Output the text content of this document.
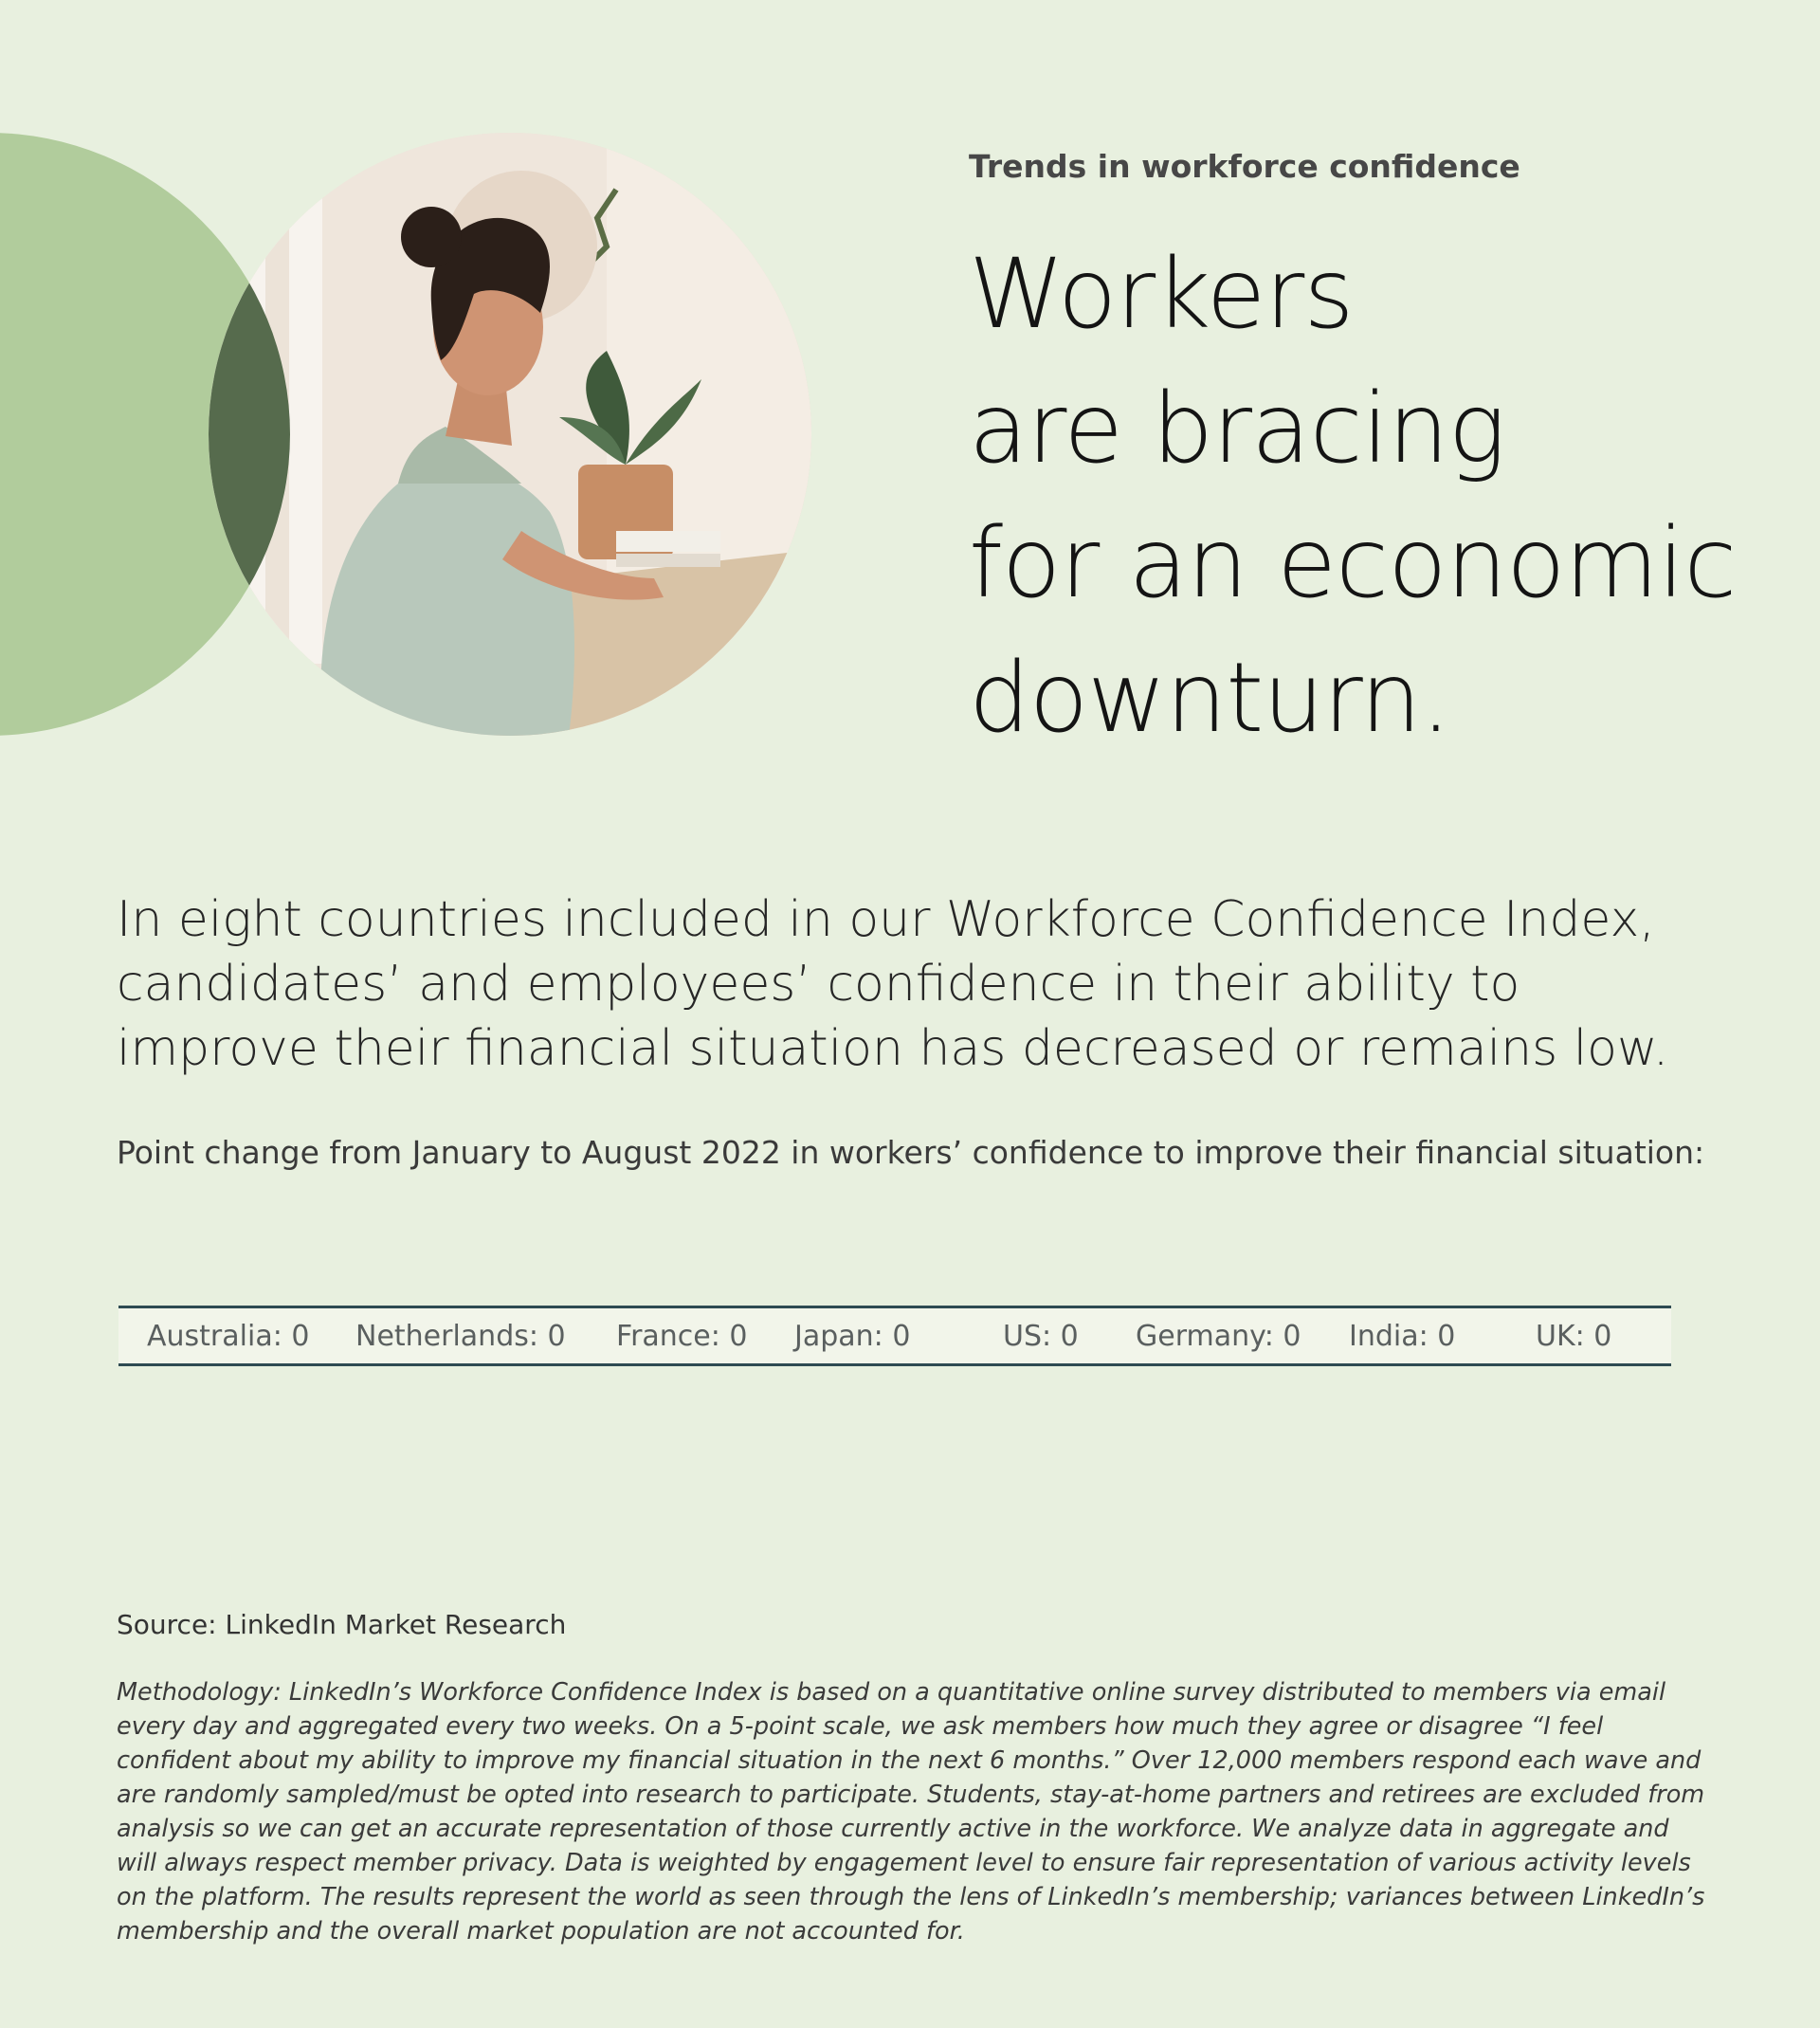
Trends in workforce confidence
Workers
are bracing
for an economic
downturn.

In eight countries included in our Workforce Confidence Index, candidates’ and employees’ confidence in their ability to improve their financial situation has decreased or remains low.

Point change from January to August 2022 in workers’ confidence to improve their financial situation:
Australia: 0 Netherlands: 0 France: 0 Japan: 0	US: 0 Germany: 0 India: 0	UK: 0
Source: LinkedIn Market Research

Methodology: LinkedIn’s Workforce Confidence Index is based on a quantitative online survey distributed to members via email every day and aggregated every two weeks. On a 5-point scale, we ask members how much they agree or disagree “I feel confident about my ability to improve my financial situation in the next 6 months.” Over 12,000 members respond each wave and are randomly sampled/must be opted into research to participate. Students, stay-at-home partners and retirees are excluded from analysis so we can get an accurate representation of those currently active in the workforce. We analyze data in aggregate and will always respect member privacy. Data is weighted by engagement level to ensure fair representation of various activity levels on the platform. The results represent the world as seen through the lens of LinkedIn’s membership; variances between LinkedIn’s membership and the overall market population are not accounted for.
